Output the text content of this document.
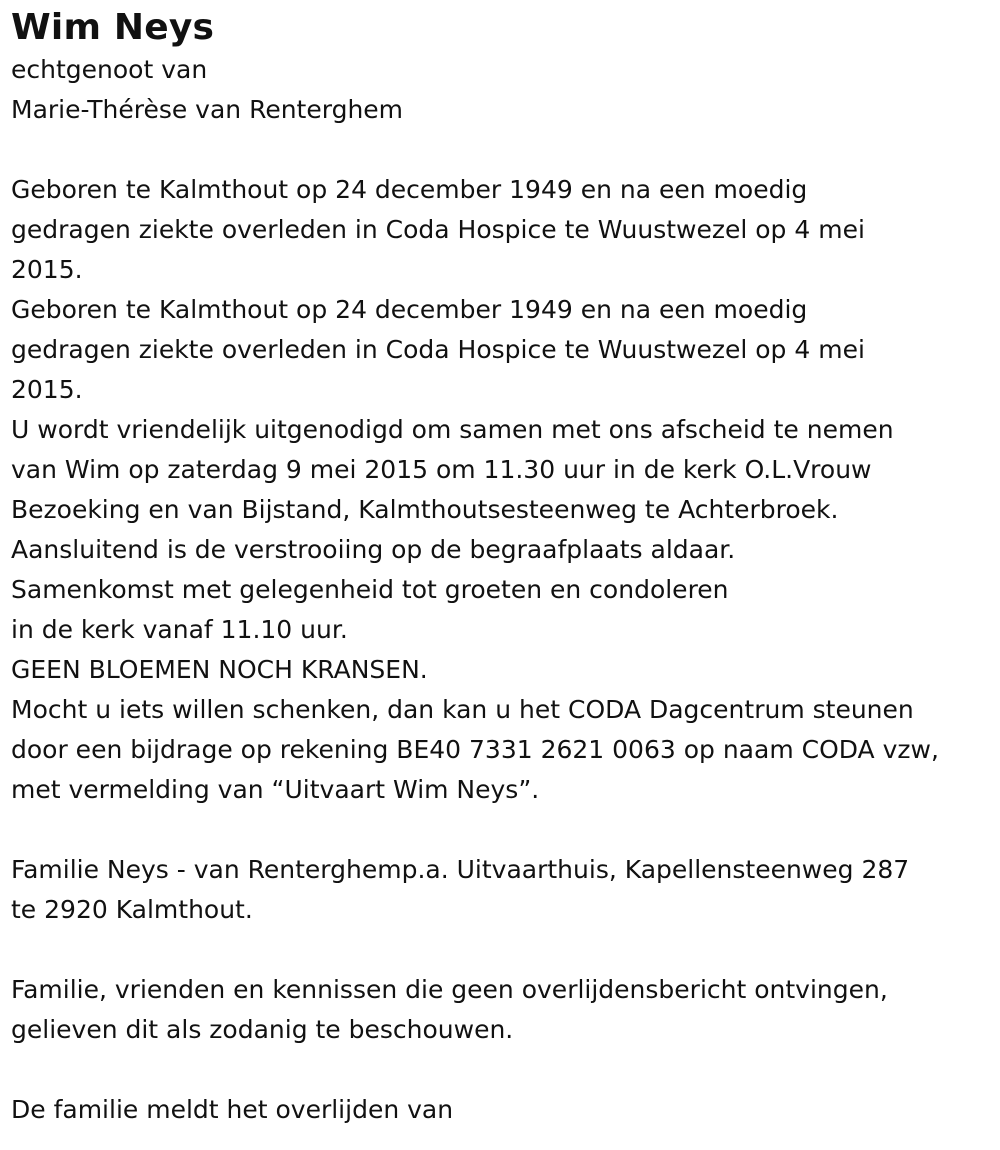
Wim Neys
echtgenoot van
Marie-Thérèse van Renterghem
Geboren te Kalmthout op 24 december 1949 en na een moedig
gedragen ziekte overleden in Coda Hospice te Wuustwezel op 4 mei
2015.
Geboren te Kalmthout op 24 december 1949 en na een moedig
gedragen ziekte overleden in Coda Hospice te Wuustwezel op 4 mei
2015.
U wordt vriendelijk uitgenodigd om samen met ons afscheid te nemen
van Wim op zaterdag 9 mei 2015 om 11.30 uur in de kerk O.L.Vrouw
Bezoeking en van Bijstand, Kalmthoutsesteenweg te Achterbroek.
Aansluitend is de verstrooiing op de begraafplaats aldaar.
Samenkomst met gelegenheid tot groeten en condoleren
in de kerk vanaf 11.10 uur.
GEEN BLOEMEN NOCH KRANSEN.
Mocht u iets willen schenken, dan kan u het CODA Dagcentrum steunen
door een bijdrage op rekening BE40 7331 2621 0063 op naam CODA vzw,
met vermelding van “Uitvaart Wim Neys”.
Familie Neys - van Renterghemp.a. Uitvaarthuis, Kapellensteenweg 287
te 2920 Kalmthout.
Familie, vrienden en kennissen die geen overlijdensbericht ontvingen,
gelieven dit als zodanig te beschouwen.
De familie meldt het overlijden van
